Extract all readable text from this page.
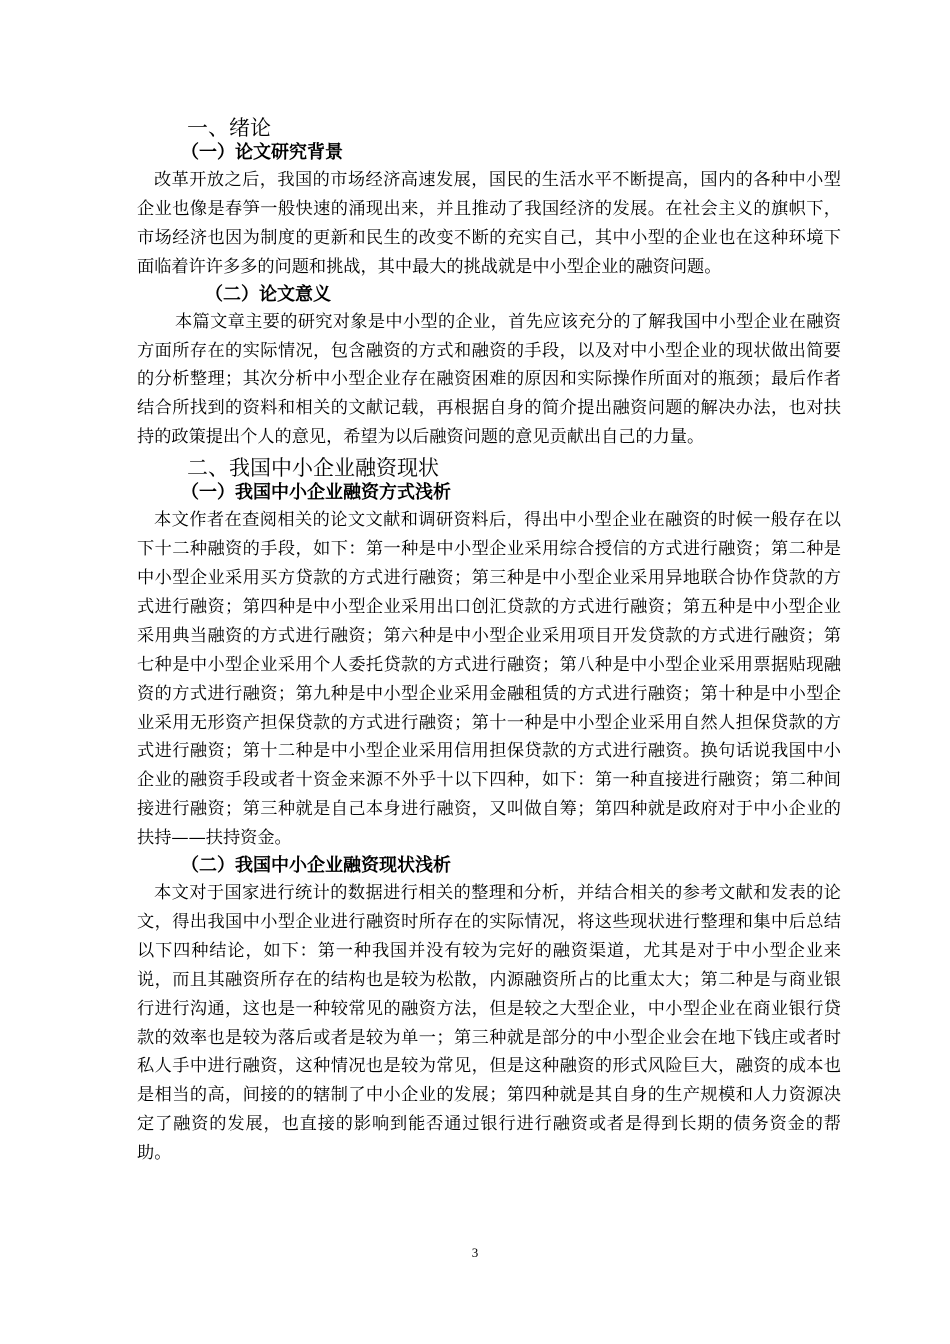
一、绪论
（一）论文研究背景

改革开放之后，我国的市场经济高速发展，国民的生活水平不断提高，国内的各种中小型企业也像是春笋一般快速的涌现出来，并且推动了我国经济的发展。在社会主义的旗帜下，市场经济也因为制度的更新和民生的改变不断的充实自己，其中小型的企业也在这种环境下面临着许许多多的问题和挑战，其中最大的挑战就是中小型企业的融资问题。

（二）论文意义

本篇文章主要的研究对象是中小型的企业，首先应该充分的了解我国中小型企业在融资方面所存在的实际情况，包含融资的方式和融资的手段，以及对中小型企业的现状做出简要的分析整理；其次分析中小型企业存在融资困难的原因和实际操作所面对的瓶颈；最后作者结合所找到的资料和相关的文献记载，再根据自身的简介提出融资问题的解决办法，也对扶持的政策提出个人的意见，希望为以后融资问题的意见贡献出自己的力量。

二、我国中小企业融资现状
（一）我国中小企业融资方式浅析

本文作者在查阅相关的论文文献和调研资料后，得出中小型企业在融资的时候一般存在以下十二种融资的手段，如下：第一种是中小型企业采用综合授信的方式进行融资；第二种是中小型企业采用买方贷款的方式进行融资；第三种是中小型企业采用异地联合协作贷款的方式进行融资；第四种是中小型企业采用出口创汇贷款的方式进行融资；第五种是中小型企业采用典当融资的方式进行融资；第六种是中小型企业采用项目开发贷款的方式进行融资；第七种是中小型企业采用个人委托贷款的方式进行融资；第八种是中小型企业采用票据贴现融资的方式进行融资；第九种是中小型企业采用金融租赁的方式进行融资；第十种是中小型企业采用无形资产担保贷款的方式进行融资；第十一种是中小型企业采用自然人担保贷款的方式进行融资；第十二种是中小型企业采用信用担保贷款的方式进行融资。换句话说我国中小企业的融资手段或者十资金来源不外乎十以下四种，如下：第一种直接进行融资；第二种间接进行融资；第三种就是自己本身进行融资，又叫做自筹；第四种就是政府对于中小企业的扶持——扶持资金。

（二）我国中小企业融资现状浅析

本文对于国家进行统计的数据进行相关的整理和分析，并结合相关的参考文献和发表的论文，得出我国中小型企业进行融资时所存在的实际情况，将这些现状进行整理和集中后总结以下四种结论，如下：第一种我国并没有较为完好的融资渠道，尤其是对于中小型企业来说，而且其融资所存在的结构也是较为松散，内源融资所占的比重太大；第二种是与商业银行进行沟通，这也是一种较常见的融资方法，但是较之大型企业，中小型企业在商业银行贷款的效率也是较为落后或者是较为单一；第三种就是部分的中小型企业会在地下钱庄或者时私人手中进行融资，这种情况也是较为常见，但是这种融资的形式风险巨大，融资的成本也是相当的高，间接的的辖制了中小企业的发展；第四种就是其自身的生产规模和人力资源决定了融资的发展，也直接的影响到能否通过银行进行融资或者是得到长期的债务资金的帮助。

3
